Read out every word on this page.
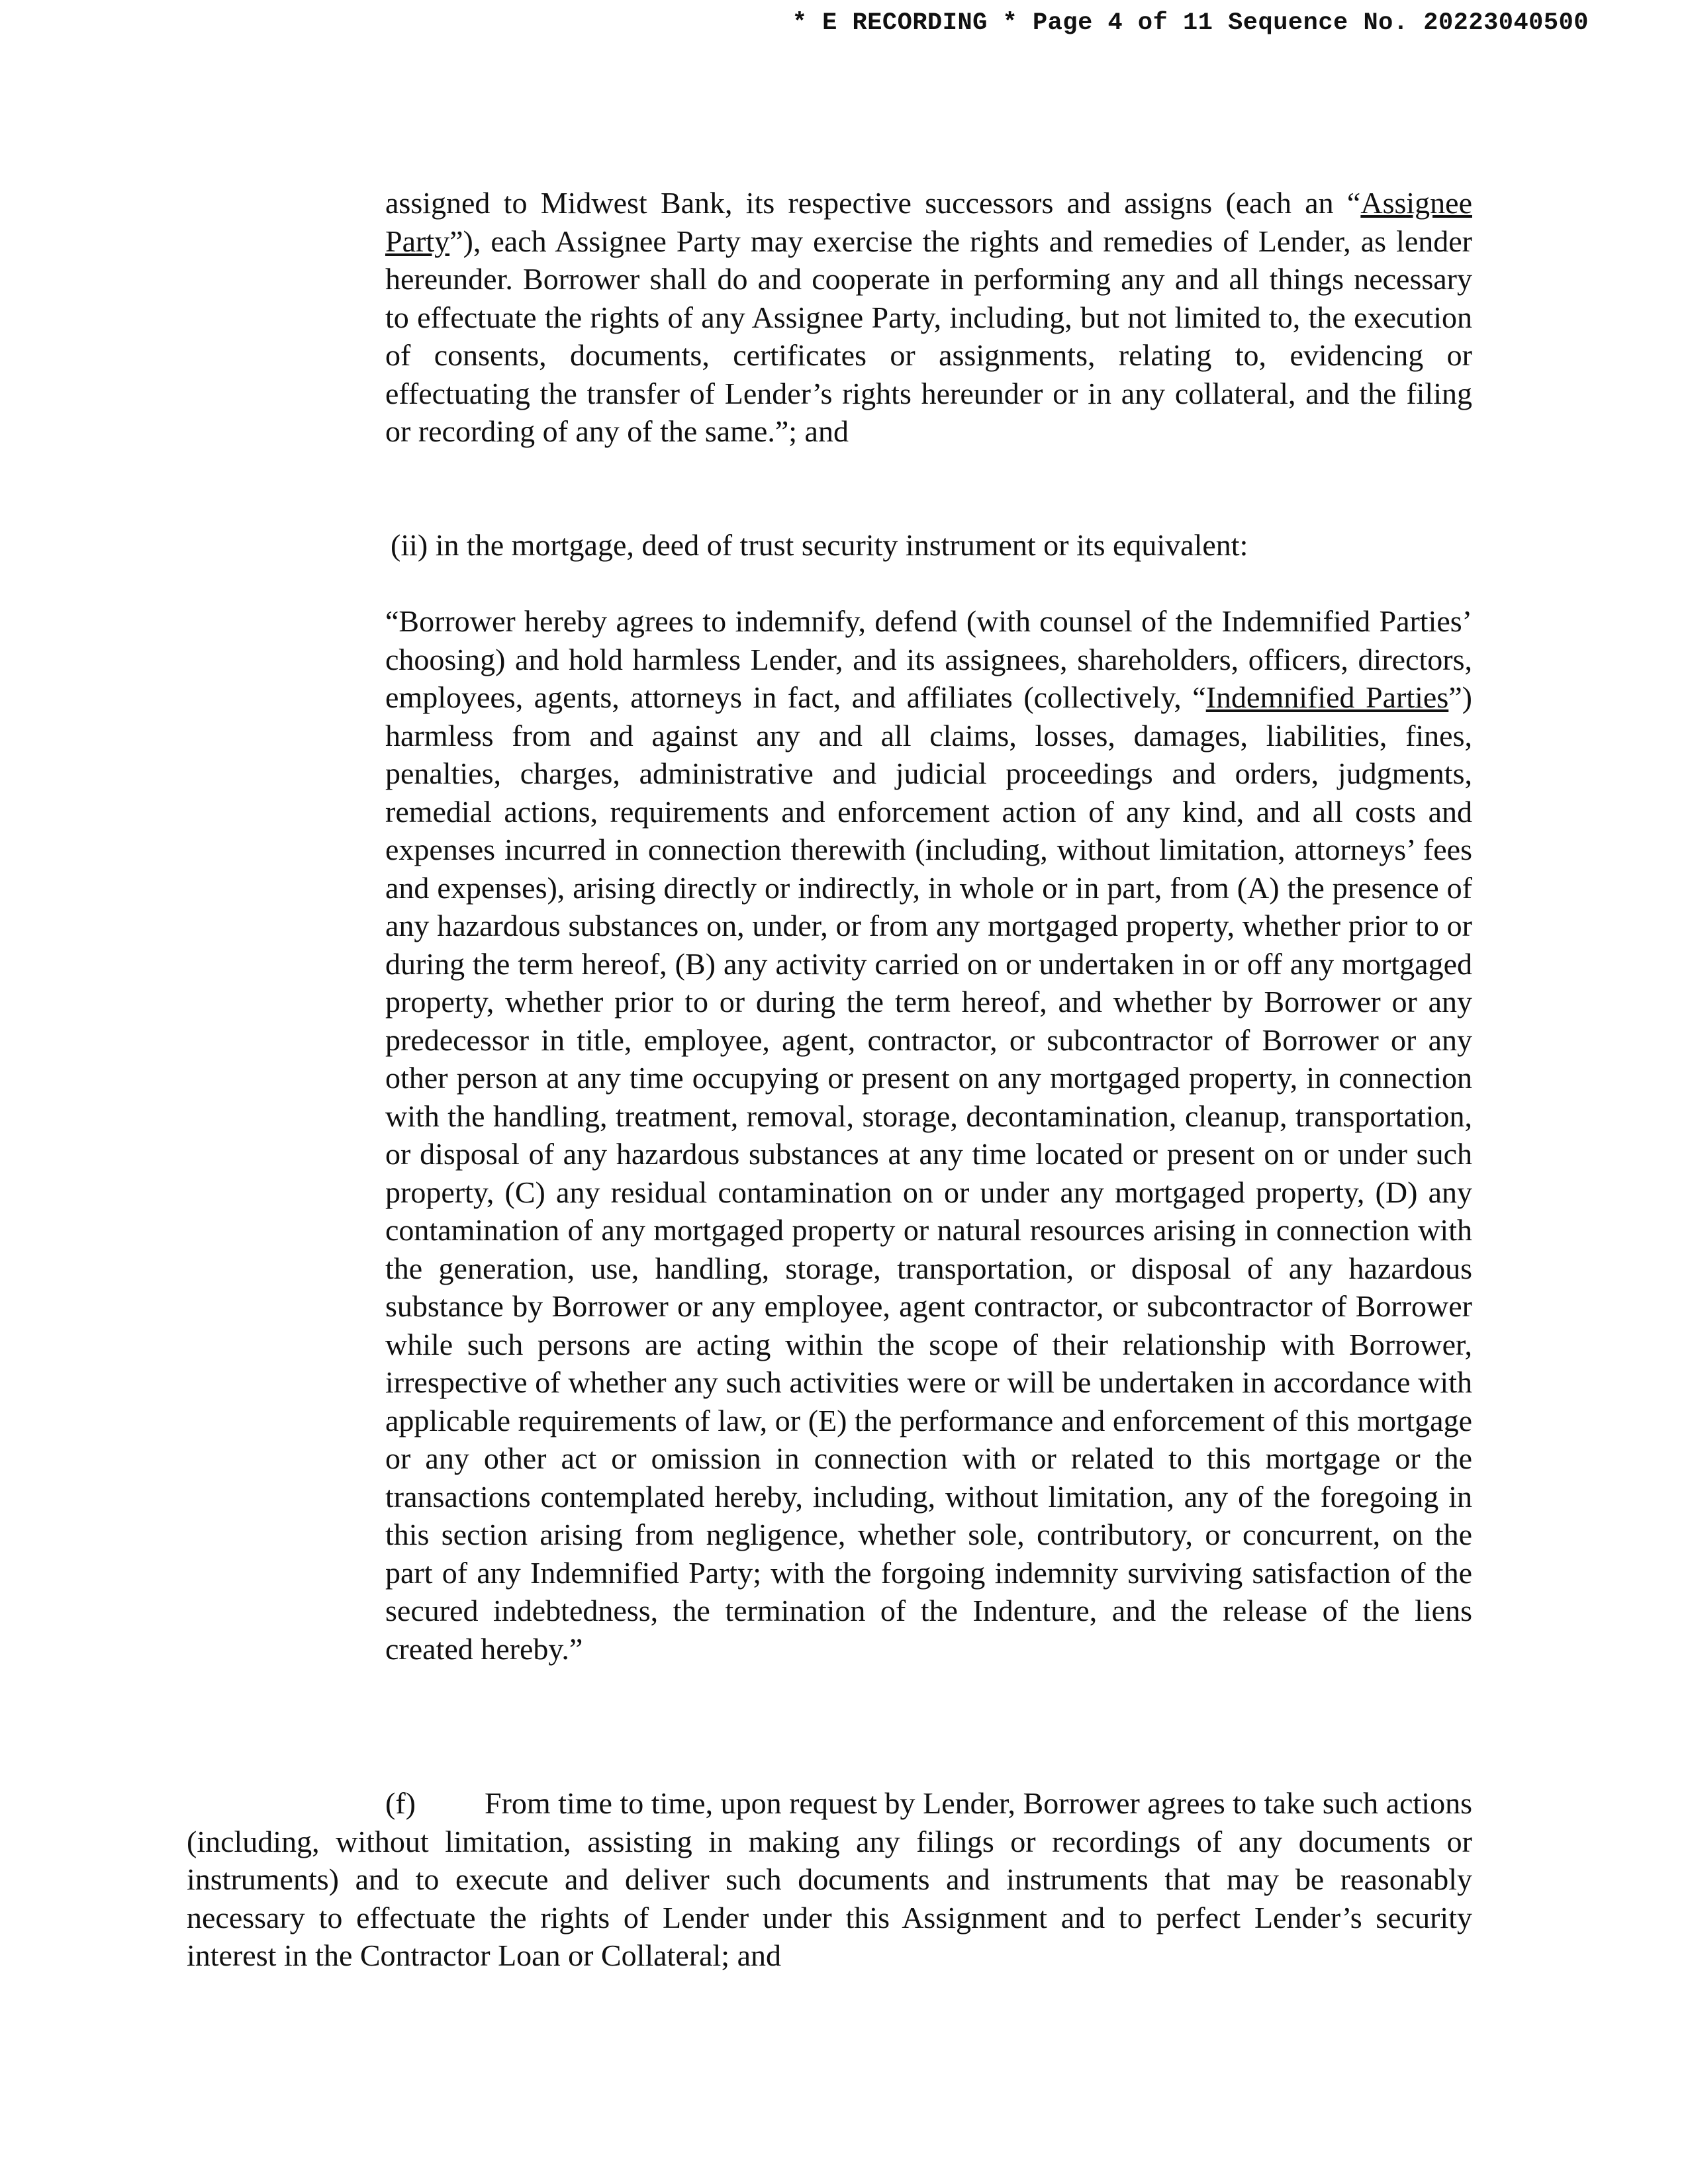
* E RECORDING * Page 4 of 11 Sequence No. 20223040500

assigned to Midwest Bank, its respective successors and assigns (each an “Assignee Party”), each Assignee Party may exercise the rights and remedies of Lender, as lender hereunder. Borrower shall do and cooperate in performing any and all things necessary to effectuate the rights of any Assignee Party, including, but not limited to, the execution of consents, documents, certificates or assignments, relating to, evidencing or effectuating the transfer of Lender’s rights hereunder or in any collateral, and the filing or recording of any of the same.”; and

(ii) in the mortgage, deed of trust security instrument or its equivalent:

“Borrower hereby agrees to indemnify, defend (with counsel of the Indemnified Parties’ choosing) and hold harmless Lender, and its assignees, shareholders, officers, directors, employees, agents, attorneys in fact, and affiliates (collectively, “Indemnified Parties”) harmless from and against any and all claims, losses, damages, liabilities, fines, penalties, charges, administrative and judicial proceedings and orders, judgments, remedial actions, requirements and enforcement action of any kind, and all costs and expenses incurred in connection therewith (including, without limitation, attorneys’ fees and expenses), arising directly or indirectly, in whole or in part, from (A) the presence of any hazardous substances on, under, or from any mortgaged property, whether prior to or during the term hereof, (B) any activity carried on or undertaken in or off any mortgaged property, whether prior to or during the term hereof, and whether by Borrower or any predecessor in title, employee, agent, contractor, or subcontractor of Borrower or any other person at any time occupying or present on any mortgaged property, in connection with the handling, treatment, removal, storage, decontamination, cleanup, transportation, or disposal of any hazardous substances at any time located or present on or under such property, (C) any residual contamination on or under any mortgaged property, (D) any contamination of any mortgaged property or natural resources arising in connection with the generation, use, handling, storage, transportation, or disposal of any hazardous substance by Borrower or any employee, agent contractor, or subcontractor of Borrower while such persons are acting within the scope of their relationship with Borrower, irrespective of whether any such activities were or will be undertaken in accordance with applicable requirements of law, or (E) the performance and enforcement of this mortgage or any other act or omission in connection with or related to this mortgage or the transactions contemplated hereby, including, without limitation, any of the foregoing in this section arising from negligence, whether sole, contributory, or concurrent, on the part of any Indemnified Party; with the forgoing indemnity surviving satisfaction of the secured indebtedness, the termination of the Indenture, and the release of the liens created hereby.”

(f) From time to time, upon request by Lender, Borrower agrees to take such actions (including, without limitation, assisting in making any filings or recordings of any documents or instruments) and to execute and deliver such documents and instruments that may be reasonably necessary to effectuate the rights of Lender under this Assignment and to perfect Lender’s security interest in the Contractor Loan or Collateral; and
